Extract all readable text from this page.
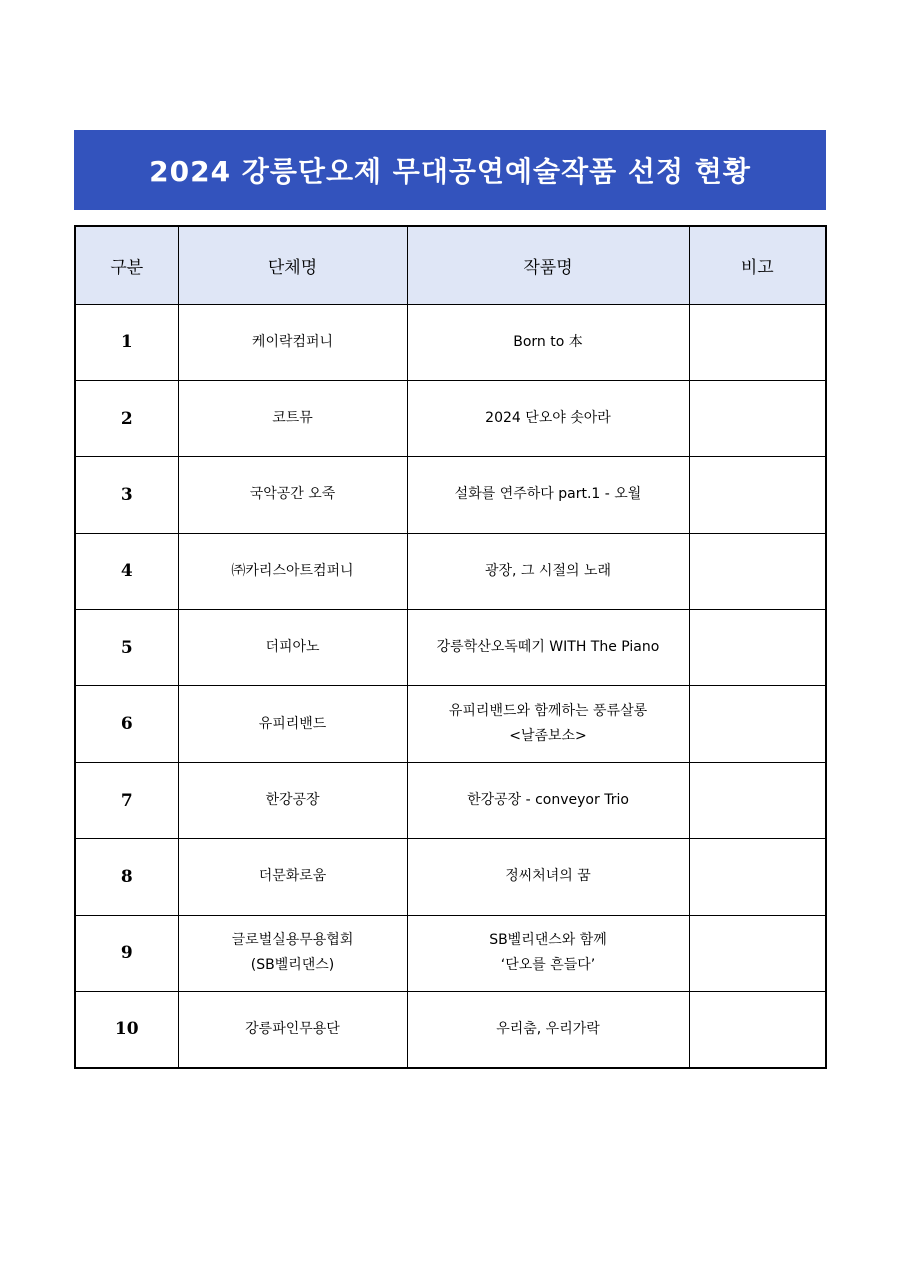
2024 강릉단오제 무대공연예술작품 선정 현황
구분	단체명	작품명	비고
1	케이락컴퍼니	Born to 本	

2	코트뮤	2024 단오야 솟아라	

3	국악공간 오죽	설화를 연주하다 part.1 - 오월	

4	㈜카리스아트컴퍼니	광장, 그 시절의 노래	

5	더피아노	강릉학산오독떼기 WITH The Piano	

6	유피리밴드	유피리밴드와 함께하는 풍류살롱
<날좀보소>	

7	한강공장	한강공장 - conveyor Trio	

8	더문화로움	정씨처녀의 꿈	

9	글로벌실용무용협회
(SB벨리댄스)	SB벨리댄스와 함께
‘단오를 흔들다’	

10	강릉파인무용단	우리춤, 우리가락	
